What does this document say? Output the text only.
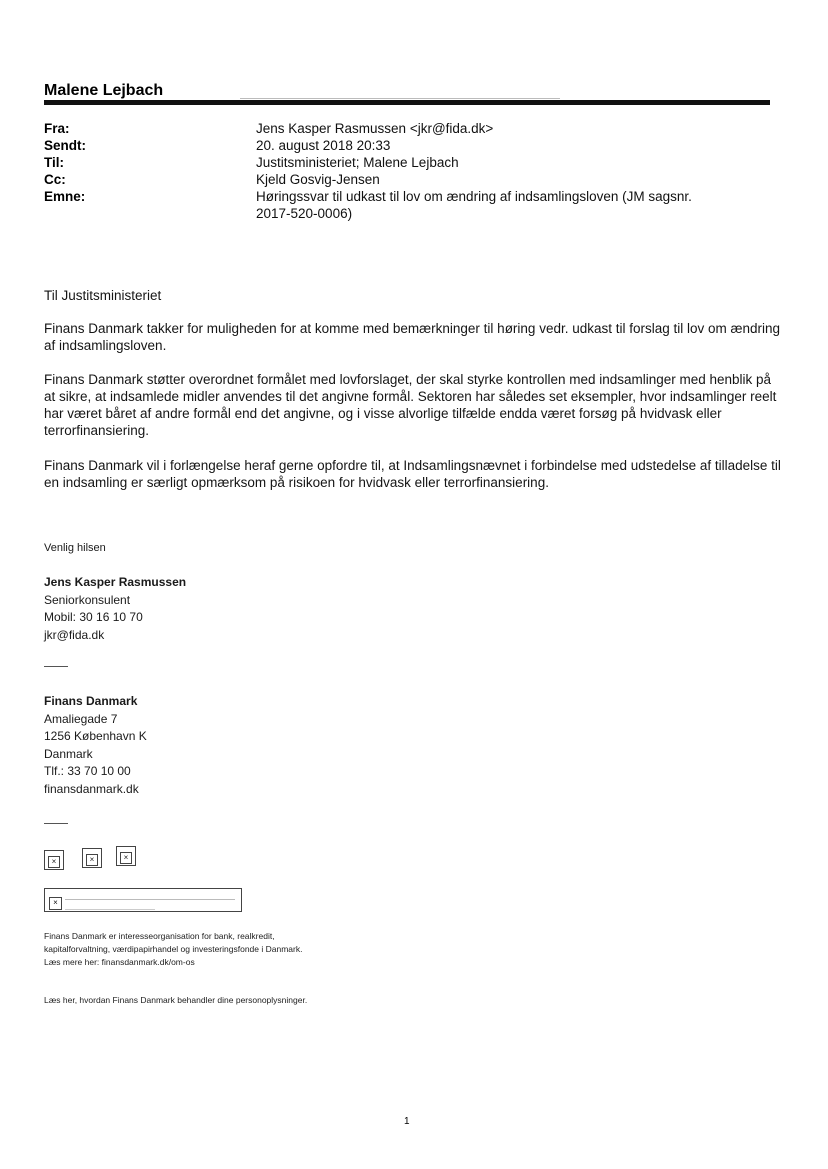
Malene Lejbach
Fra:	Jens Kasper Rasmussen <jkr@fida.dk>
Sendt:	20. august 2018 20:33
Til:	Justitsministeriet; Malene Lejbach
Cc:	Kjeld Gosvig-Jensen
Emne:	Høringssvar til udkast til lov om ændring af indsamlingsloven (JM sagsnr. 2017-520-0006)
Til Justitsministeriet
Finans Danmark takker for muligheden for at komme med bemærkninger til høring vedr. udkast til forslag til lov om ændring af indsamlingsloven.
Finans Danmark støtter overordnet formålet med lovforslaget, der skal styrke kontrollen med indsamlinger med henblik på at sikre, at indsamlede midler anvendes til det angivne formål. Sektoren har således set eksempler, hvor indsamlinger reelt har været båret af andre formål end det angivne, og i visse alvorlige tilfælde endda været forsøg på hvidvask eller terrorfinansiering.
Finans Danmark vil i forlængelse heraf gerne opfordre til, at Indsamlingsnævnet i forbindelse med udstedelse af tilladelse til en indsamling er særligt opmærksom på risikoen for hvidvask eller terrorfinansiering.
Venlig hilsen
Jens Kasper Rasmussen
Seniorkonsulent
Mobil: 30 16 10 70
jkr@fida.dk
Finans Danmark
Amaliegade 7
1256 København K
Danmark
Tlf.: 33 70 10 00
finansdanmark.dk
×	×	×
×
Finans Danmark er interesseorganisation for bank, realkredit,
kapitalforvaltning, værdipapirhandel og investeringsfonde i Danmark.
Læs mere her: finansdanmark.dk/om-os
Læs her, hvordan Finans Danmark behandler dine personoplysninger.
1
